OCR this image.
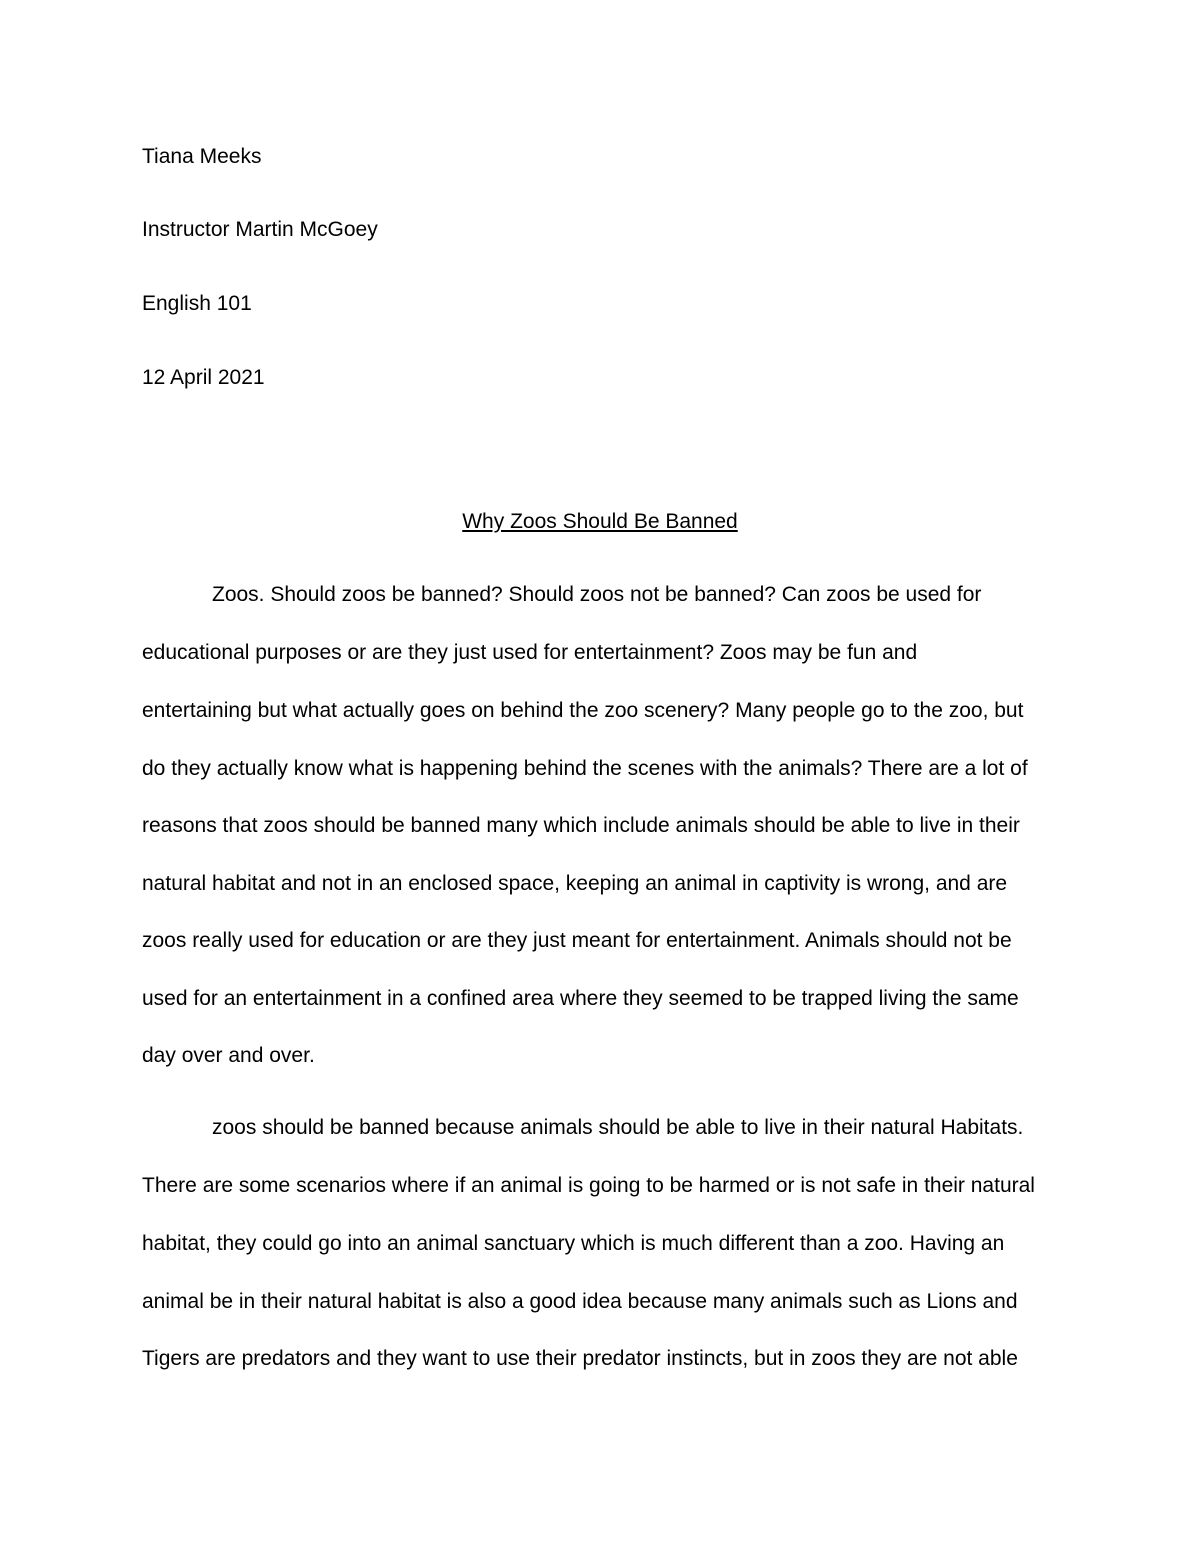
Tiana Meeks
Instructor Martin McGoey
English 101
12 April 2021
Why Zoos Should Be Banned
Zoos. Should zoos be banned? Should zoos not be banned? Can zoos be used for
educational purposes or are they just used for entertainment? Zoos may be fun and
entertaining but what actually goes on behind the zoo scenery? Many people go to the zoo, but
do they actually know what is happening behind the scenes with the animals? There are a lot of
reasons that zoos should be banned many which include animals should be able to live in their
natural habitat and not in an enclosed space, keeping an animal in captivity is wrong, and are
zoos really used for education or are they just meant for entertainment. Animals should not be
used for an entertainment in a confined area where they seemed to be trapped living the same
day over and over.
zoos should be banned because animals should be able to live in their natural Habitats.
There are some scenarios where if an animal is going to be harmed or is not safe in their natural
habitat, they could go into an animal sanctuary which is much different than a zoo. Having an
animal be in their natural habitat is also a good idea because many animals such as Lions and
Tigers are predators and they want to use their predator instincts, but in zoos they are not able
